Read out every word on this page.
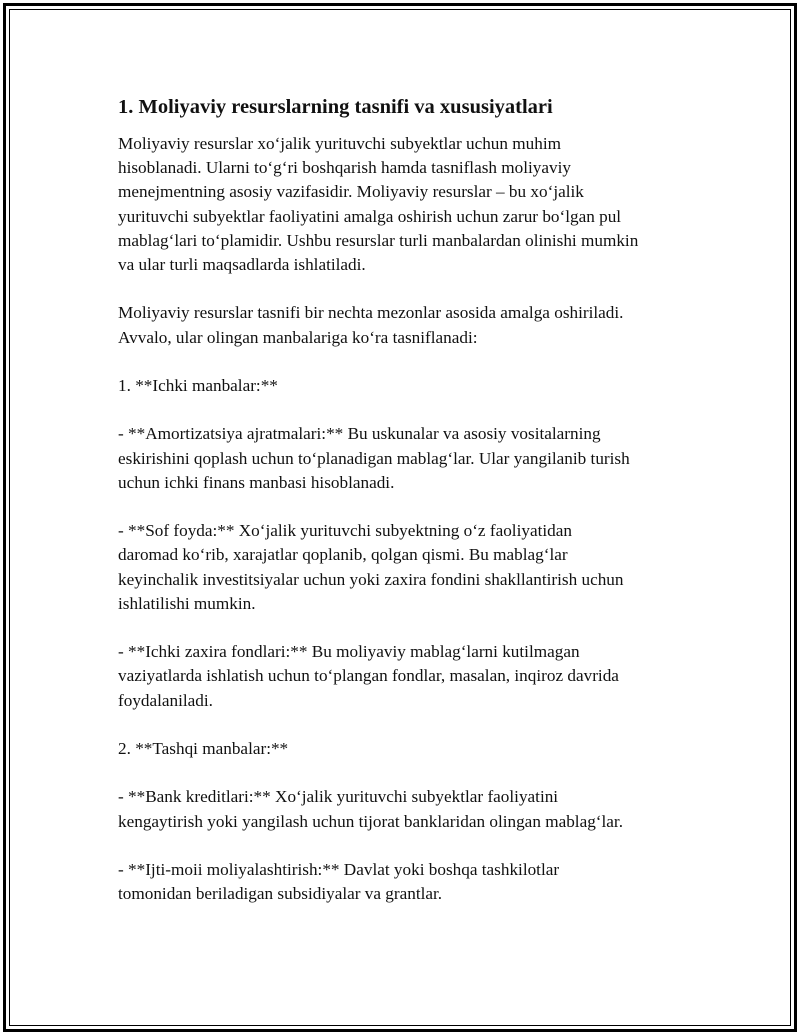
1. Moliyaviy resurslarning tasnifi va xususiyatlari

Moliyaviy resurslar xo‘jalik yurituvchi subyektlar uchun muhim
hisoblanadi. Ularni to‘g‘ri boshqarish hamda tasniflash moliyaviy
menejmentning asosiy vazifasidir. Moliyaviy resurslar – bu xo‘jalik
yurituvchi subyektlar faoliyatini amalga oshirish uchun zarur bo‘lgan pul
mablag‘lari to‘plamidir. Ushbu resurslar turli manbalardan olinishi mumkin
va ular turli maqsadlarda ishlatiladi.

Moliyaviy resurslar tasnifi bir nechta mezonlar asosida amalga oshiriladi.
Avvalo, ular olingan manbalariga ko‘ra tasniflanadi:

1. **Ichki manbalar:**

- **Amortizatsiya ajratmalari:** Bu uskunalar va asosiy vositalarning
eskirishini qoplash uchun to‘planadigan mablag‘lar. Ular yangilanib turish
uchun ichki finans manbasi hisoblanadi.

- **Sof foyda:** Xo‘jalik yurituvchi subyektning o‘z faoliyatidan
daromad ko‘rib, xarajatlar qoplanib, qolgan qismi. Bu mablag‘lar
keyinchalik investitsiyalar uchun yoki zaxira fondini shakllantirish uchun
ishlatilishi mumkin.

- **Ichki zaxira fondlari:** Bu moliyaviy mablag‘larni kutilmagan
vaziyatlarda ishlatish uchun to‘plangan fondlar, masalan, inqiroz davrida
foydalaniladi.

2. **Tashqi manbalar:**

- **Bank kreditlari:** Xo‘jalik yurituvchi subyektlar faoliyatini
kengaytirish yoki yangilash uchun tijorat banklaridan olingan mablag‘lar.

- **Ijti-moii moliyalashtirish:** Davlat yoki boshqa tashkilotlar
tomonidan beriladigan subsidiyalar va grantlar.
